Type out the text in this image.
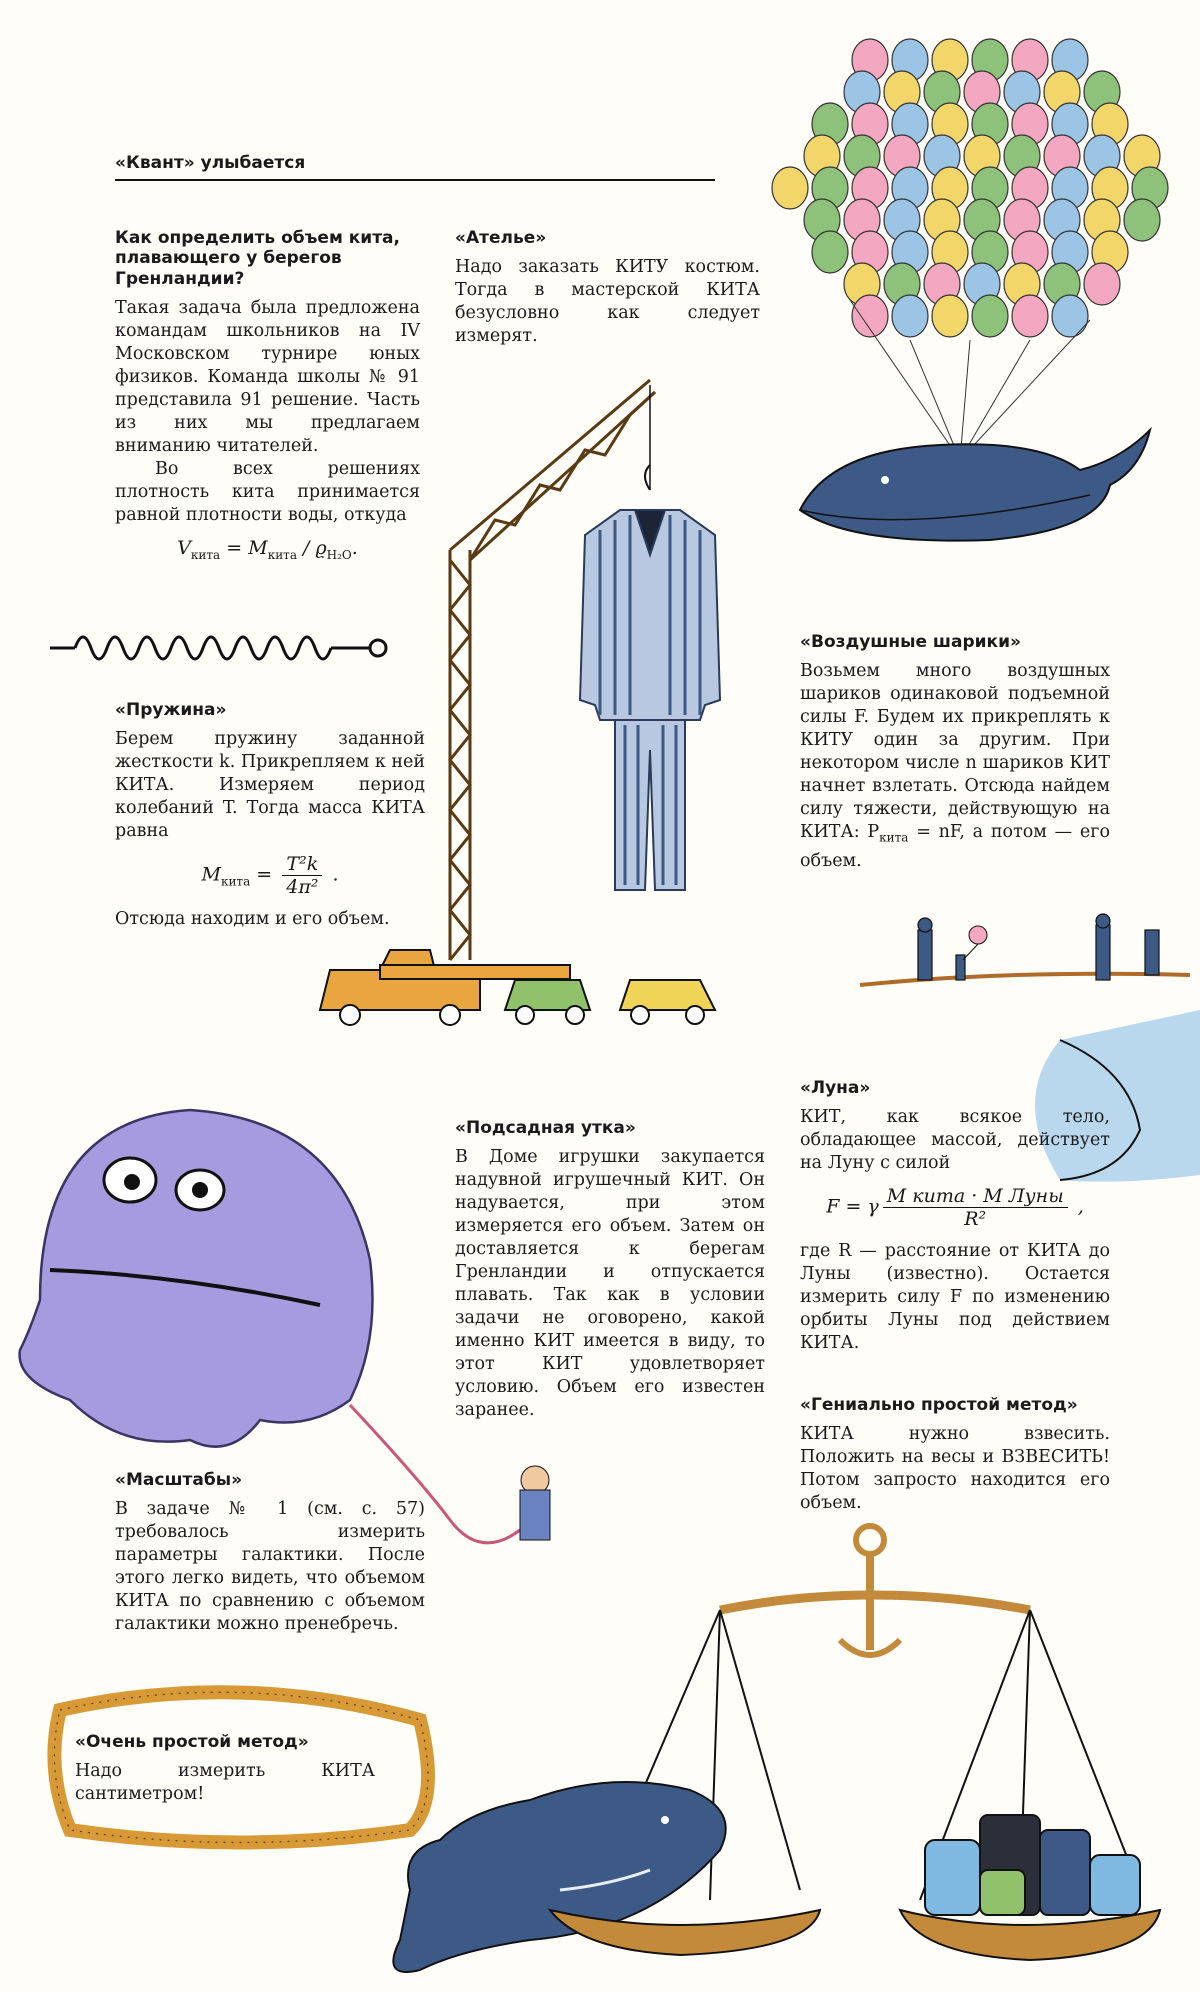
«Квант» улыбается
Как определить объем кита, плавающего у берегов Гренландии?

Такая задача была предложена командам школьников на IV Московском турнире юных физиков. Команда школы № 91 представила 91 решение. Часть из них мы предлагаем вниманию читателей.

Во всех решениях плотность кита принимается равной плотности воды, откуда

$V_{кита} = M_{кита} / ϱ_{H_2O}$.
«Ателье»

Надо заказать КИТУ костюм. Тогда в мастерской КИТА безусловно как следует измерят.

«Пружина»

Берем пружину заданной жесткости k. Прикрепляем к ней КИТА. Измеряем период колебаний T. Тогда масса КИТА равна

$M_{кита} = \frac{\text{T²k}}{\text{4π²}}$ .

Отсюда находим и его объем.

«Воздушные шарики»

Возьмем много воздушных шариков одинаковой подъемной силы F. Будем их прикреплять к КИТУ один за другим. При некотором числе n шариков КИТ начнет взлетать. Отсюда найдем силу тяжести, действующую на КИТА: $P_{кита}$ = nF, а потом — его объем.

«Луна»

КИТ, как всякое тело, обладающее массой, действует на Луну с силой

F = γ $\frac{\text{M кита · M Луны}}{\text{R²}}$ ,

где R — расстояние от КИТА до Луны (известно). Остается измерить силу F по изменению орбиты Луны под действием КИТА.

«Подсадная утка»

В Доме игрушки закупается надувной игрушечный КИТ. Он надувается, при этом измеряется его объем. Затем он доставляется к берегам Гренландии и отпускается плавать. Так как в условии задачи не оговорено, какой именно КИТ имеется в виду, то этот КИТ удовлетворяет условию. Объем его известен заранее.

«Масштабы»

В задаче № 1 (см. с. 57) требовалось измерить параметры галактики. После этого легко видеть, что объемом КИТА по сравнению с объемом галактики можно пренебречь.

«Гениально простой метод»

КИТА нужно взвесить. Положить на весы и ВЗВЕСИТЬ! Потом запросто находится его объем.

«Очень простой метод»

Надо измерить КИТА сантиметром!
